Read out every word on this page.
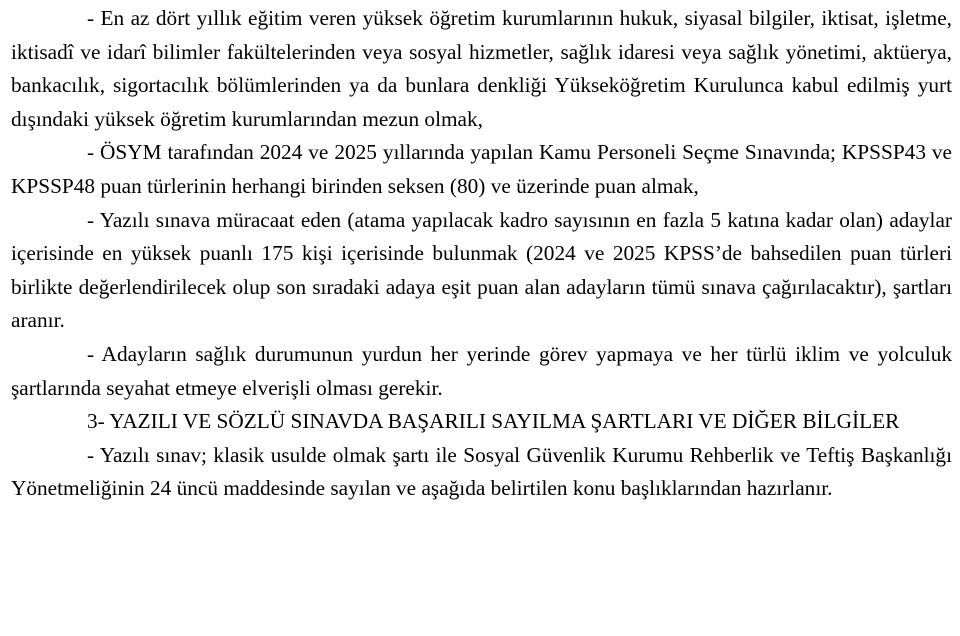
- En az dört yıllık eğitim veren yüksek öğretim kurumlarının hukuk, siyasal bilgiler, iktisat, işletme, iktisadî ve idarî bilimler fakültelerinden veya sosyal hizmetler, sağlık idaresi veya sağlık yönetimi, aktüerya, bankacılık, sigortacılık bölümlerinden ya da bunlara denkliği Yükseköğretim Kurulunca kabul edilmiş yurt dışındaki yüksek öğretim kurumlarından mezun olmak,

- ÖSYM tarafından 2024 ve 2025 yıllarında yapılan Kamu Personeli Seçme Sınavında; KPSSP43 ve KPSSP48 puan türlerinin herhangi birinden seksen (80) ve üzerinde puan almak,

- Yazılı sınava müracaat eden (atama yapılacak kadro sayısının en fazla 5 katına kadar olan) adaylar içerisinde en yüksek puanlı 175 kişi içerisinde bulunmak (2024 ve 2025 KPSS’de bahsedilen puan türleri birlikte değerlendirilecek olup son sıradaki adaya eşit puan alan adayların tümü sınava çağırılacaktır), şartları aranır.

- Adayların sağlık durumunun yurdun her yerinde görev yapmaya ve her türlü iklim ve yolculuk şartlarında seyahat etmeye elverişli olması gerekir.

3- YAZILI VE SÖZLÜ SINAVDA BAŞARILI SAYILMA ŞARTLARI VE DİĞER BİLGİLER

- Yazılı sınav; klasik usulde olmak şartı ile Sosyal Güvenlik Kurumu Rehberlik ve Teftiş Başkanlığı Yönetmeliğinin 24 üncü maddesinde sayılan ve aşağıda belirtilen konu başlıklarından hazırlanır.
